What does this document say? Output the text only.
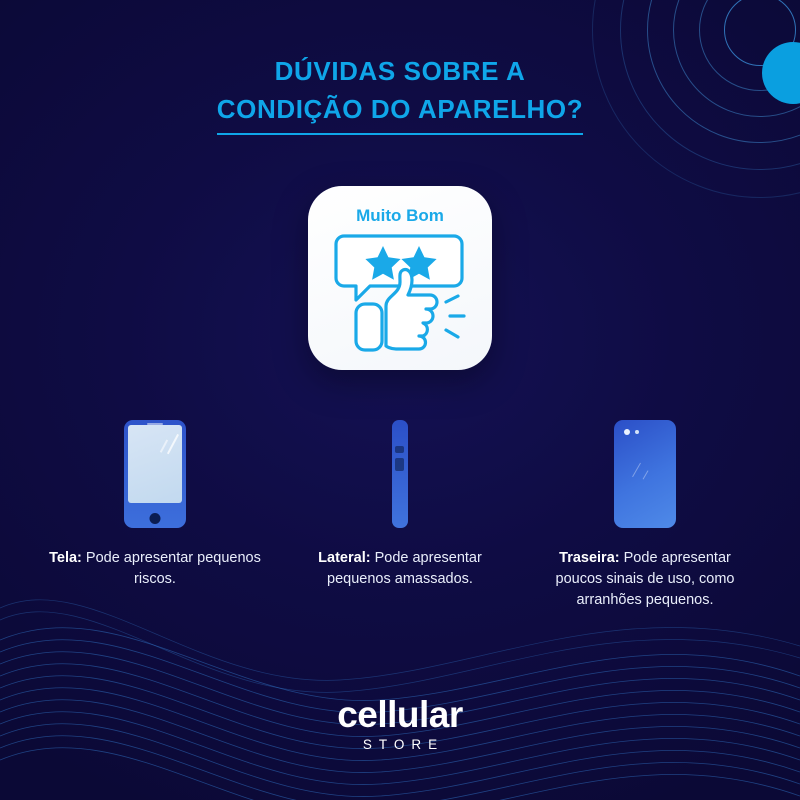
DÚVIDAS SOBRE A
CONDIÇÃO DO APARELHO?
Muito Bom
Tela: Pode apresentar pequenos riscos.
Lateral: Pode apresentar pequenos amassados.
Traseira: Pode apresentar poucos sinais de uso, como arranhões pequenos.
cellular
STORE
